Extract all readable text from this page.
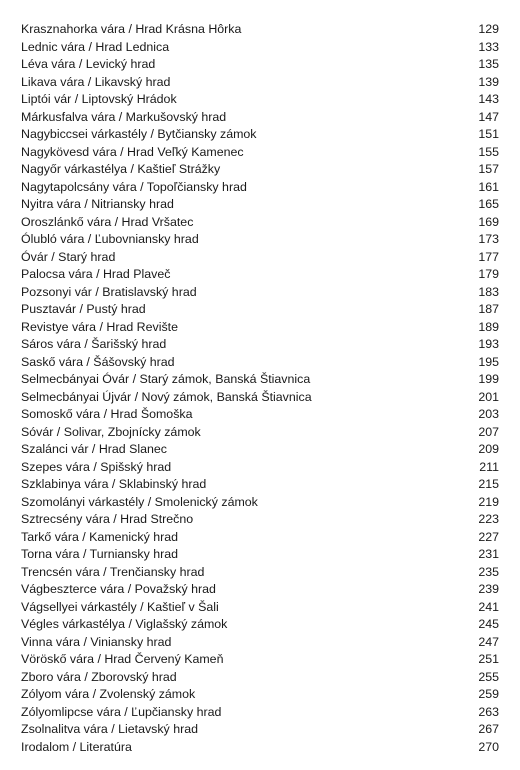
Krasznahorka vára / Hrad Krásna Hôrka	129
Lednic vára / Hrad Lednica	133
Léva vára / Levický hrad	135
Likava vára / Likavský hrad	139
Liptói vár / Liptovský Hrádok	143
Márkusfalva vára / Markušovský hrad	147
Nagybiccsei várkastély / Bytčiansky zámok	151
Nagykövesd vára / Hrad Veľký Kamenec	155
Nagyőr várkastélya / Kaštieľ Strážky	157
Nagytapolcsány vára / Topoľčiansky hrad	161
Nyitra vára / Nitriansky hrad	165
Oroszlánkő vára / Hrad Vršatec	169
Ólubló vára / Ľubovniansky hrad	173
Óvár / Starý hrad	177
Palocsa vára / Hrad Plaveč	179
Pozsonyi vár / Bratislavský hrad	183
Pusztavár / Pustý hrad	187
Revistye vára / Hrad Revište	189
Sáros vára / Šarišský hrad	193
Saskő vára / Šášovský hrad	195
Selmecbányai Óvár / Starý zámok, Banská Štiavnica	199
Selmecbányai Újvár / Nový zámok, Banská Štiavnica	201
Somoskő vára / Hrad Šomoška	203
Sóvár / Solivar, Zbojnícky zámok	207
Szalánci vár / Hrad Slanec	209
Szepes vára / Spišský hrad	211
Szklabinya vára / Sklabinský hrad	215
Szomolányi várkastély / Smolenický zámok	219
Sztrecsény vára / Hrad Strečno	223
Tarkő vára / Kamenický hrad	227
Torna vára / Turniansky hrad	231
Trencsén vára / Trenčiansky hrad	235
Vágbeszterce vára / Považský hrad	239
Vágsellyei várkastély / Kaštieľ v Šali	241
Végles várkastélya / Viglašský zámok	245
Vinna vára / Viniansky hrad	247
Vöröskő vára / Hrad Červený Kameň	251
Zboro vára / Zborovský hrad	255
Zólyom vára / Zvolenský zámok	259
Zólyomlipcse vára / Ľupčiansky hrad	263
Zsolnalitva vára / Lietavský hrad	267
Irodalom / Literatúra	270
